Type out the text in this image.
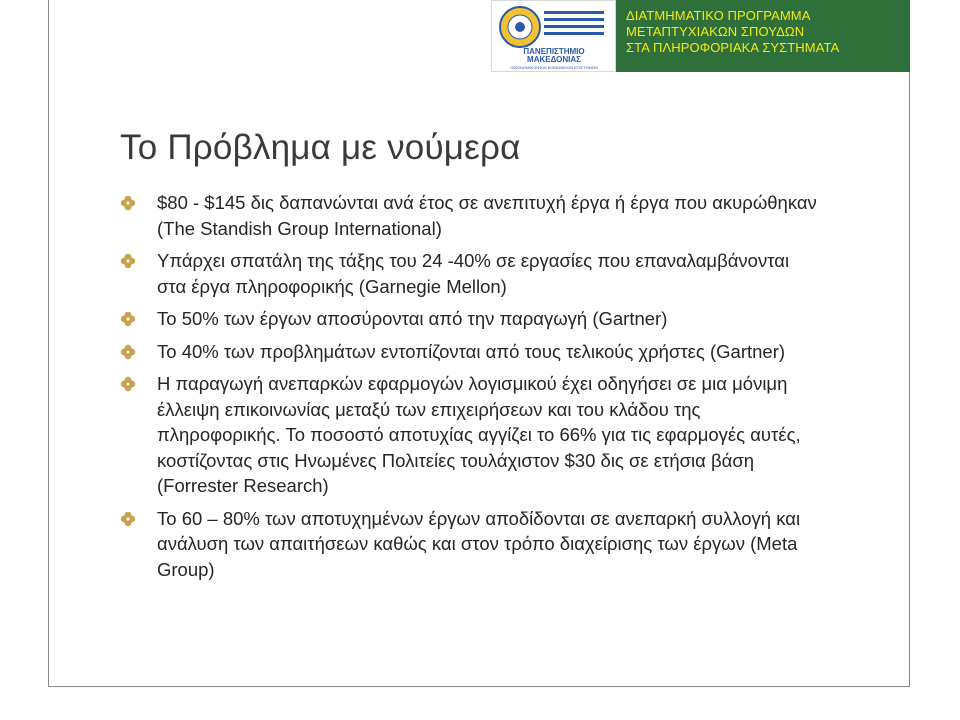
ΠΑΝΕΠΙΣΤΗΜΙΟ
ΜΑΚΕΔΟΝΙΑΣ
ΟΙΚΟΝΟΜΙΚΩΝ ΚΑΙ ΚΟΙΝΩΝΙΚΩΝ ΕΠΙΣΤΗΜΩΝ
ΔΙΑΤΜΗΜΑΤΙΚΟ ΠΡΟΓΡΑΜΜΑ
ΜΕΤΑΠΤΥΧΙΑΚΩΝ ΣΠΟΥΔΩΝ
ΣΤΑ ΠΛΗΡΟΦΟΡΙΑΚΑ ΣΥΣΤΗΜΑΤΑ
Το Πρόβλημα με νούμερα
$80 - $145 δις δαπανώνται ανά έτος σε ανεπιτυχή έργα ή έργα που ακυρώθηκαν (The Standish Group International)
Υπάρχει σπατάλη της τάξης του 24 -40% σε εργασίες που επαναλαμβάνονται στα έργα πληροφορικής (Garnegie Mellon)
Το 50% των έργων αποσύρονται από την παραγωγή (Gartner)
Το 40% των προβλημάτων εντοπίζονται από τους τελικούς χρήστες (Gartner)
Η παραγωγή ανεπαρκών εφαρμογών λογισμικού έχει οδηγήσει σε μια μόνιμη έλλειψη επικοινωνίας μεταξύ των επιχειρήσεων και του κλάδου της πληροφορικής. Το ποσοστό αποτυχίας αγγίζει το 66% για τις εφαρμογές αυτές, κοστίζοντας στις Ηνωμένες Πολιτείες τουλάχιστον $30 δις σε ετήσια βάση (Forrester Research)
Το 60 – 80% των αποτυχημένων έργων αποδίδονται σε ανεπαρκή συλλογή και ανάλυση των απαιτήσεων καθώς και στον τρόπο διαχείρισης των έργων (Meta Group)
